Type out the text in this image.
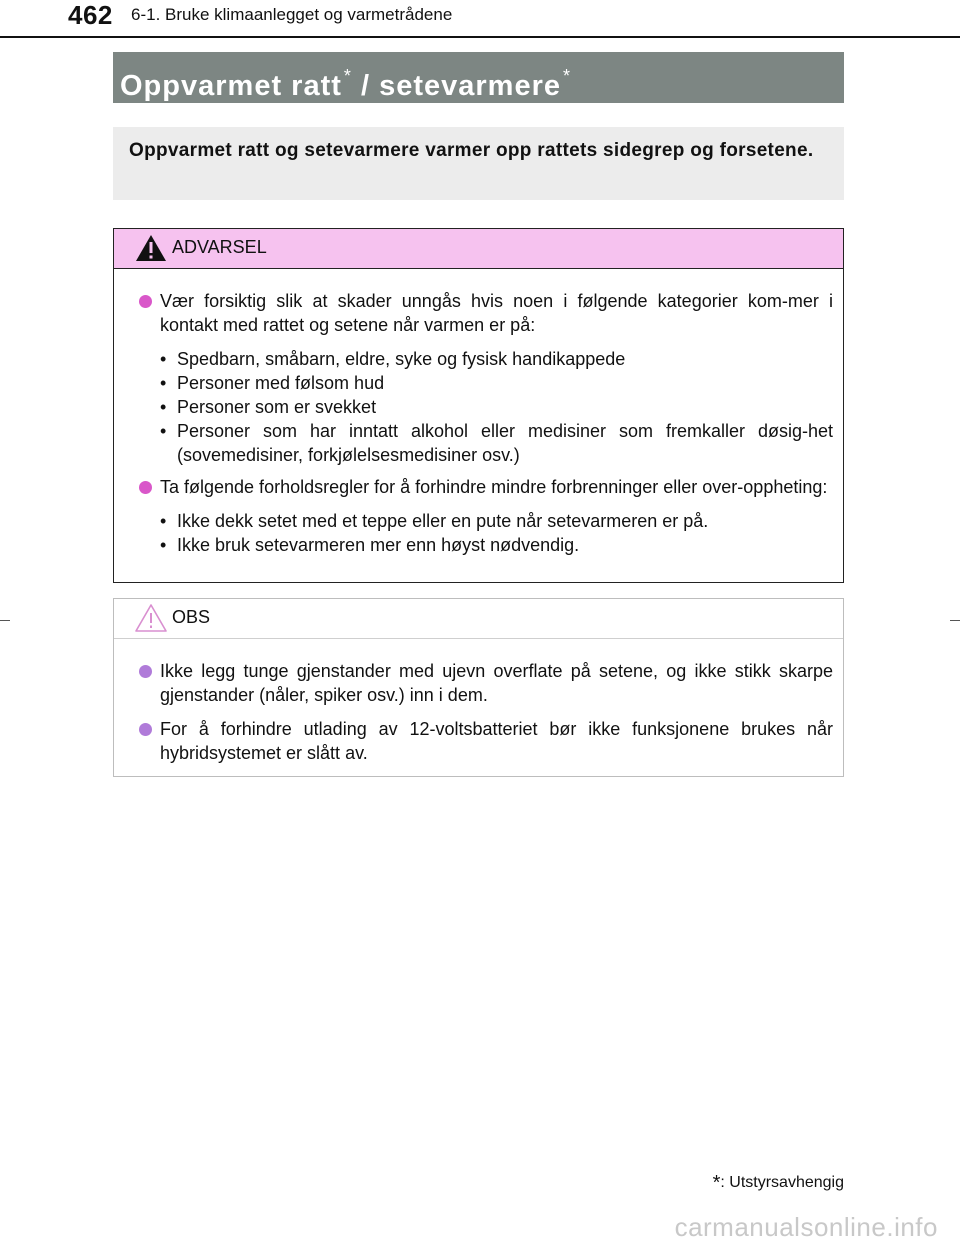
462 6-1. Bruke klimaanlegget og varmetrådene
Oppvarmet ratt * / setevarmere *
Oppvarmet ratt og setevarmere varmer opp rattets sidegrep og forsetene.
ADVARSEL
Vær forsiktig slik at skader unngås hvis noen i følgende kategorier kom-mer i kontakt med rattet og setene når varmen er på:
• Spedbarn, småbarn, eldre, syke og fysisk handikappede
• Personer med følsom hud
• Personer som er svekket
• Personer som har inntatt alkohol eller medisiner som fremkaller døsig-het (sovemedisiner, forkjølelsesmedisiner osv.)
Ta følgende forholdsregler for å forhindre mindre forbrenninger eller over-oppheting:
• Ikke dekk setet med et teppe eller en pute når setevarmeren er på.
• Ikke bruk setevarmeren mer enn høyst nødvendig.
OBS
Ikke legg tunge gjenstander med ujevn overflate på setene, og ikke stikk skarpe gjenstander (nåler, spiker osv.) inn i dem.
For å forhindre utlading av 12-voltsbatteriet bør ikke funksjonene brukes når hybridsystemet er slått av.
*: Utstyrsavhengig
carmanualsonline.info
